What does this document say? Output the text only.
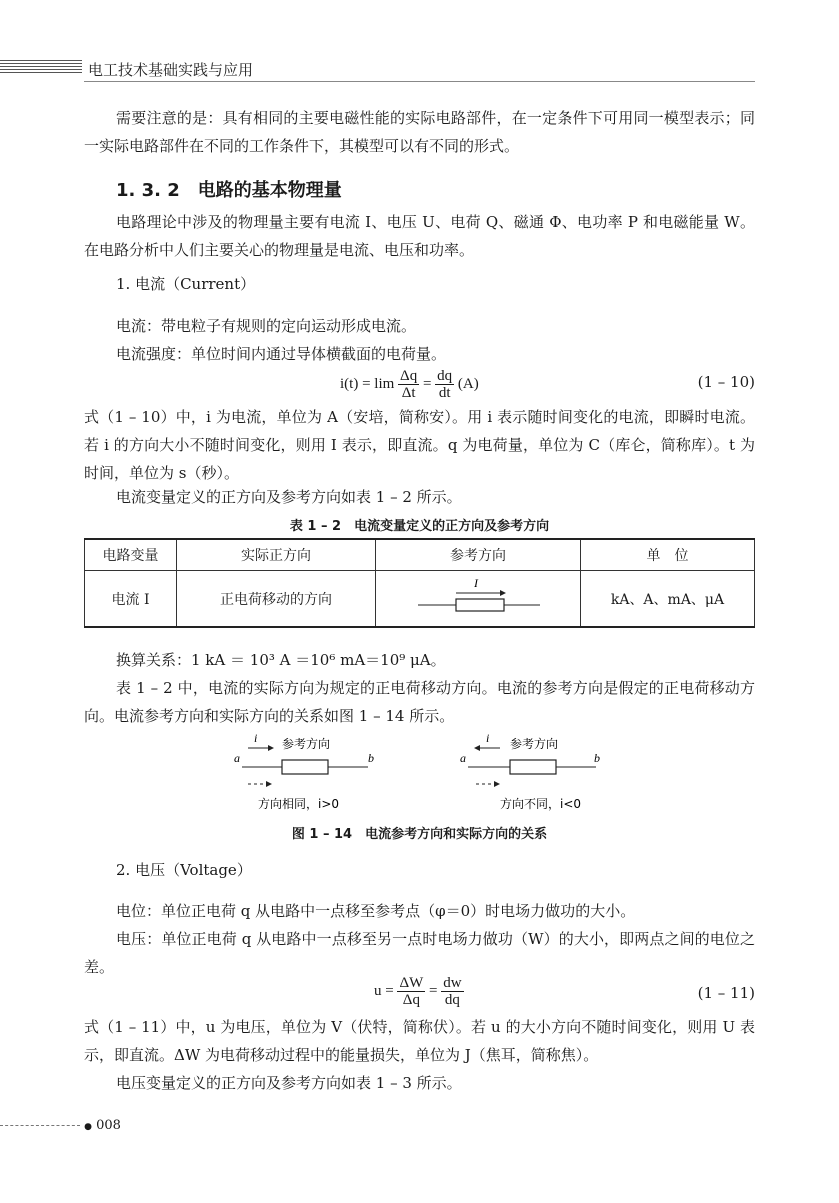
电工技术基础实践与应用
需要注意的是：具有相同的主要电磁性能的实际电路部件，在一定条件下可用同一模型表示；同一实际电路部件在不同的工作条件下，其模型可以有不同的形式。
1. 3. 2 电路的基本物理量
电路理论中涉及的物理量主要有电流 I、电压 U、电荷 Q、磁通 Φ、电功率 P 和电磁能量 W。在电路分析中人们主要关心的物理量是电流、电压和功率。
1. 电流（Current）
电流：带电粒子有规则的定向运动形成电流。
电流强度：单位时间内通过导体横截面的电荷量。
$i(t) = \lim \frac{\Delta q}{\Delta t} = \frac{dq}{dt} (A)$	(1 – 10)
式（1 – 10）中，i 为电流，单位为 A（安培，简称安）。用 i 表示随时间变化的电流，即瞬时电流。若 i 的方向大小不随时间变化，则用 I 表示，即直流。q 为电荷量，单位为 C（库仑，简称库）。t 为时间，单位为 s（秒）。
电流变量定义的正方向及参考方向如表 1 – 2 所示。
表 1 – 2　电流变量定义的正方向及参考方向
电路变量	实际正方向	参考方向	单　位
电流 I	正电荷移动的方向	I	kA、A、mA、μA
换算关系：1 kA ＝ 10³ A ＝10⁶ mA＝10⁹ μA。
表 1 – 2 中，电流的实际方向为规定的正电荷移动方向。电流的参考方向是假定的正电荷移动方向。电流参考方向和实际方向的关系如图 1 – 14 所示。
i 参考方向
a	b
方向相同，i>0
i 参考方向
a	b
方向不同，i<0
图 1 – 14　电流参考方向和实际方向的关系
2. 电压（Voltage）
电位：单位正电荷 q 从电路中一点移至参考点（φ＝0）时电场力做功的大小。
电压：单位正电荷 q 从电路中一点移至另一点时电场力做功（W）的大小，即两点之间的电位之差。
$u = \frac{\Delta W}{\Delta q} = \frac{dw}{dq}$	(1 – 11)
式（1 – 11）中，u 为电压，单位为 V（伏特，简称伏）。若 u 的大小方向不随时间变化，则用 U 表示，即直流。ΔW 为电荷移动过程中的能量损失，单位为 J（焦耳，简称焦）。
电压变量定义的正方向及参考方向如表 1 – 3 所示。
● 008
